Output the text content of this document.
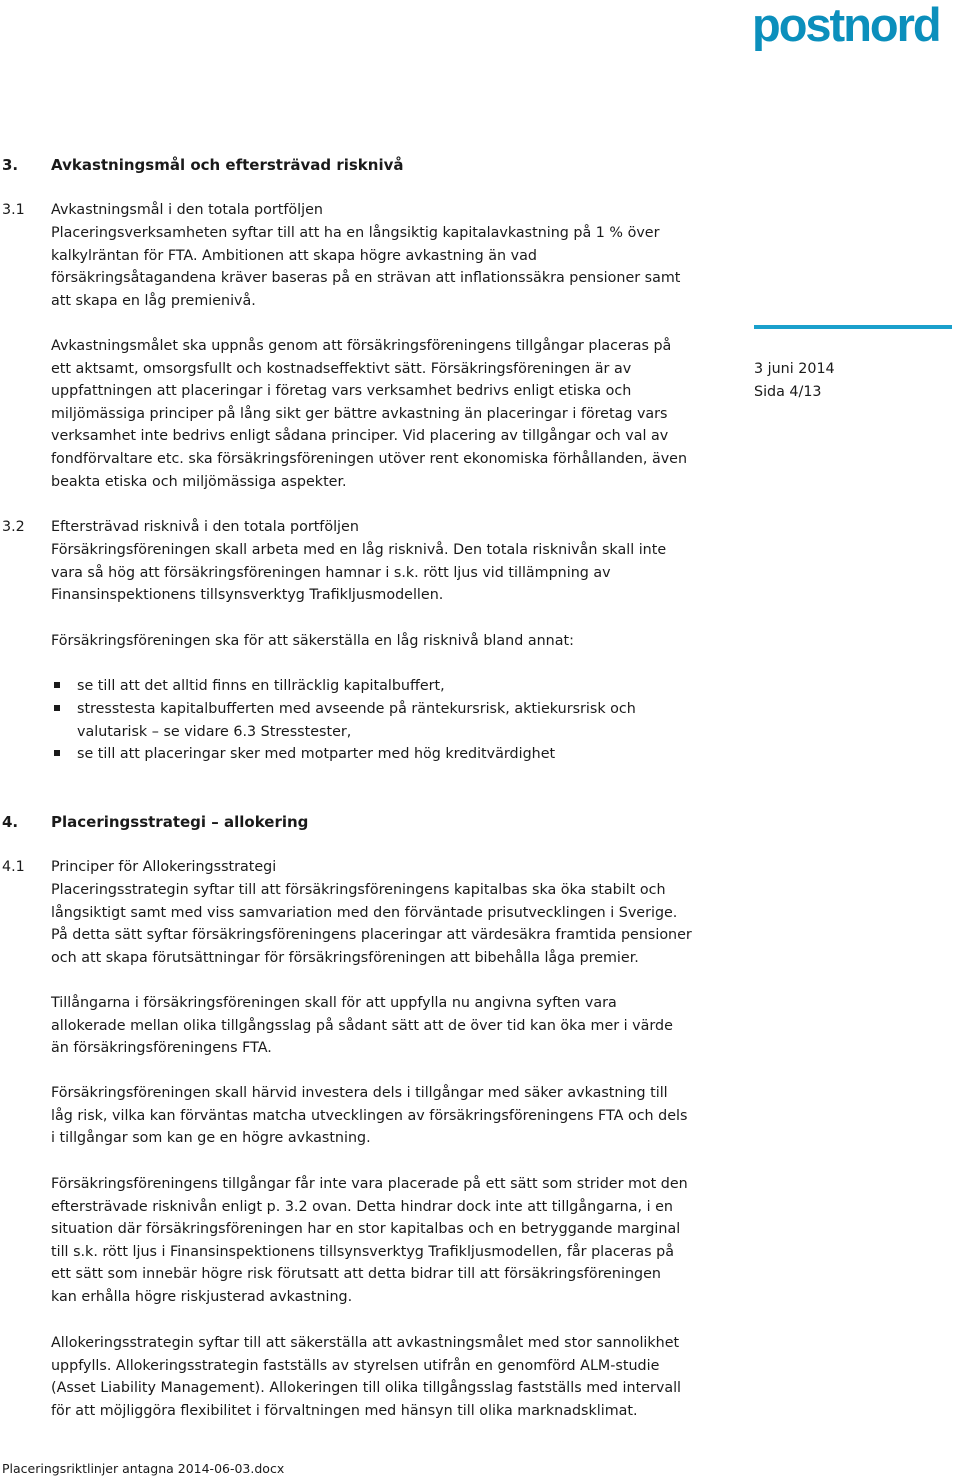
postnord
3 juni 2014
Sida 4/13
3. Avkastningsmål och eftersträvad risknivå
3.1 Avkastningsmål i den totala portföljen
Placeringsverksamheten syftar till att ha en långsiktig kapitalavkastning på 1 % över
kalkylräntan för FTA. Ambitionen att skapa högre avkastning än vad
försäkringsåtagandena kräver baseras på en strävan att inflationssäkra pensioner samt
att skapa en låg premienivå.
Avkastningsmålet ska uppnås genom att försäkringsföreningens tillgångar placeras på
ett aktsamt, omsorgsfullt och kostnadseffektivt sätt. Försäkringsföreningen är av
uppfattningen att placeringar i företag vars verksamhet bedrivs enligt etiska och
miljömässiga principer på lång sikt ger bättre avkastning än placeringar i företag vars
verksamhet inte bedrivs enligt sådana principer. Vid placering av tillgångar och val av
fondförvaltare etc. ska försäkringsföreningen utöver rent ekonomiska förhållanden, även
beakta etiska och miljömässiga aspekter.
3.2 Eftersträvad risknivå i den totala portföljen
Försäkringsföreningen skall arbeta med en låg risknivå. Den totala risknivån skall inte
vara så hög att försäkringsföreningen hamnar i s.k. rött ljus vid tillämpning av
Finansinspektionens tillsynsverktyg Trafikljusmodellen.
Försäkringsföreningen ska för att säkerställa en låg risknivå bland annat:
se till att det alltid finns en tillräcklig kapitalbuffert,
stresstesta kapitalbufferten med avseende på räntekursrisk, aktiekursrisk och
valutarisk – se vidare 6.3 Stresstester,
se till att placeringar sker med motparter med hög kreditvärdighet
4. Placeringsstrategi – allokering
4.1 Principer för Allokeringsstrategi
Placeringsstrategin syftar till att försäkringsföreningens kapitalbas ska öka stabilt och
långsiktigt samt med viss samvariation med den förväntade prisutvecklingen i Sverige.
På detta sätt syftar försäkringsföreningens placeringar att värdesäkra framtida pensioner
och att skapa förutsättningar för försäkringsföreningen att bibehålla låga premier.
Tillångarna i försäkringsföreningen skall för att uppfylla nu angivna syften vara
allokerade mellan olika tillgångsslag på sådant sätt att de över tid kan öka mer i värde
än försäkringsföreningens FTA.
Försäkringsföreningen skall härvid investera dels i tillgångar med säker avkastning till
låg risk, vilka kan förväntas matcha utvecklingen av försäkringsföreningens FTA och dels
i tillgångar som kan ge en högre avkastning.
Försäkringsföreningens tillgångar får inte vara placerade på ett sätt som strider mot den
eftersträvade risknivån enligt p. 3.2 ovan. Detta hindrar dock inte att tillgångarna, i en
situation där försäkringsföreningen har en stor kapitalbas och en betryggande marginal
till s.k. rött ljus i Finansinspektionens tillsynsverktyg Trafikljusmodellen, får placeras på
ett sätt som innebär högre risk förutsatt att detta bidrar till att försäkringsföreningen
kan erhålla högre riskjusterad avkastning.
Allokeringsstrategin syftar till att säkerställa att avkastningsmålet med stor sannolikhet
uppfylls. Allokeringsstrategin fastställs av styrelsen utifrån en genomförd ALM-studie
(Asset Liability Management). Allokeringen till olika tillgångsslag fastställs med intervall
för att möjliggöra flexibilitet i förvaltningen med hänsyn till olika marknadsklimat.
Placeringsriktlinjer antagna 2014-06-03.docx
